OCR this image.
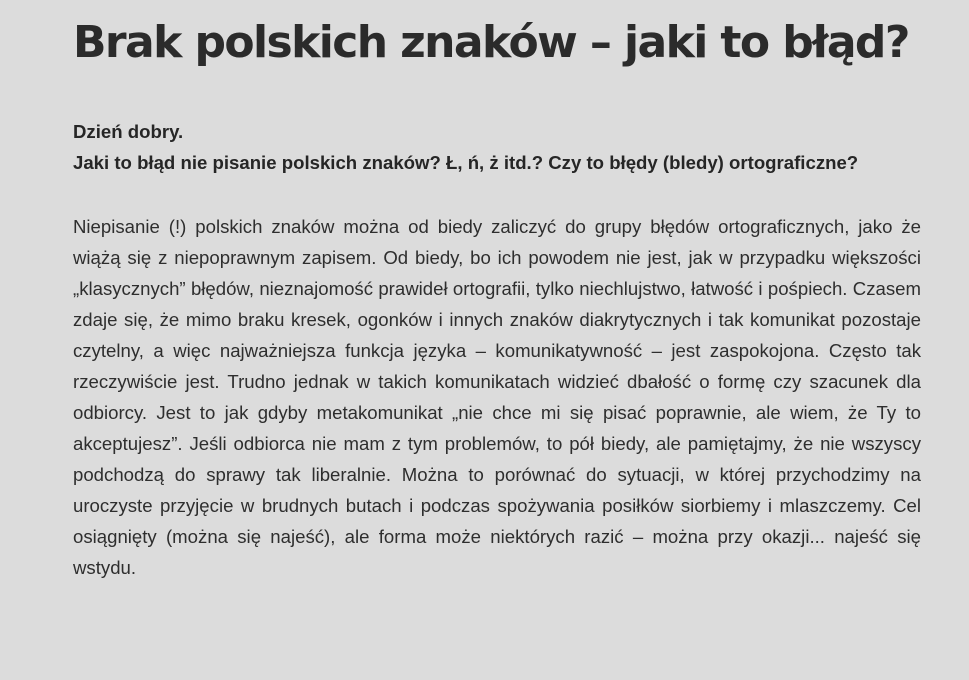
Brak polskich znaków – jaki to błąd?

Dzień dobry.
Jaki to błąd nie pisanie polskich znaków? Ł, ń, ż itd.? Czy to błędy (bledy) ortograficzne?

Niepisanie (!) polskich znaków można od biedy zaliczyć do grupy błędów ortograficznych, jako że wiążą się z niepoprawnym zapisem. Od biedy, bo ich powodem nie jest, jak w przypadku większości „klasycznych” błędów, nieznajomość prawideł ortografii, tylko niechlujstwo, łatwość i pośpiech. Czasem zdaje się, że mimo braku kresek, ogonków i innych znaków diakrytycznych i tak komunikat pozostaje czytelny, a więc najważniejsza funkcja języka – komunikatywność – jest zaspokojona. Często tak rzeczywiście jest. Trudno jednak w takich komunikatach widzieć dbałość o formę czy szacunek dla odbiorcy. Jest to jak gdyby metakomunikat „nie chce mi się pisać poprawnie, ale wiem, że Ty to akceptujesz”. Jeśli odbiorca nie mam z tym problemów, to pół biedy, ale pamiętajmy, że nie wszyscy podchodzą do sprawy tak liberalnie. Można to porównać do sytuacji, w której przychodzimy na uroczyste przyjęcie w brudnych butach i podczas spożywania posiłków siorbiemy i mlaszczemy. Cel osiągnięty (można się najeść), ale forma może niektórych razić – można przy okazji... najeść się wstydu.
